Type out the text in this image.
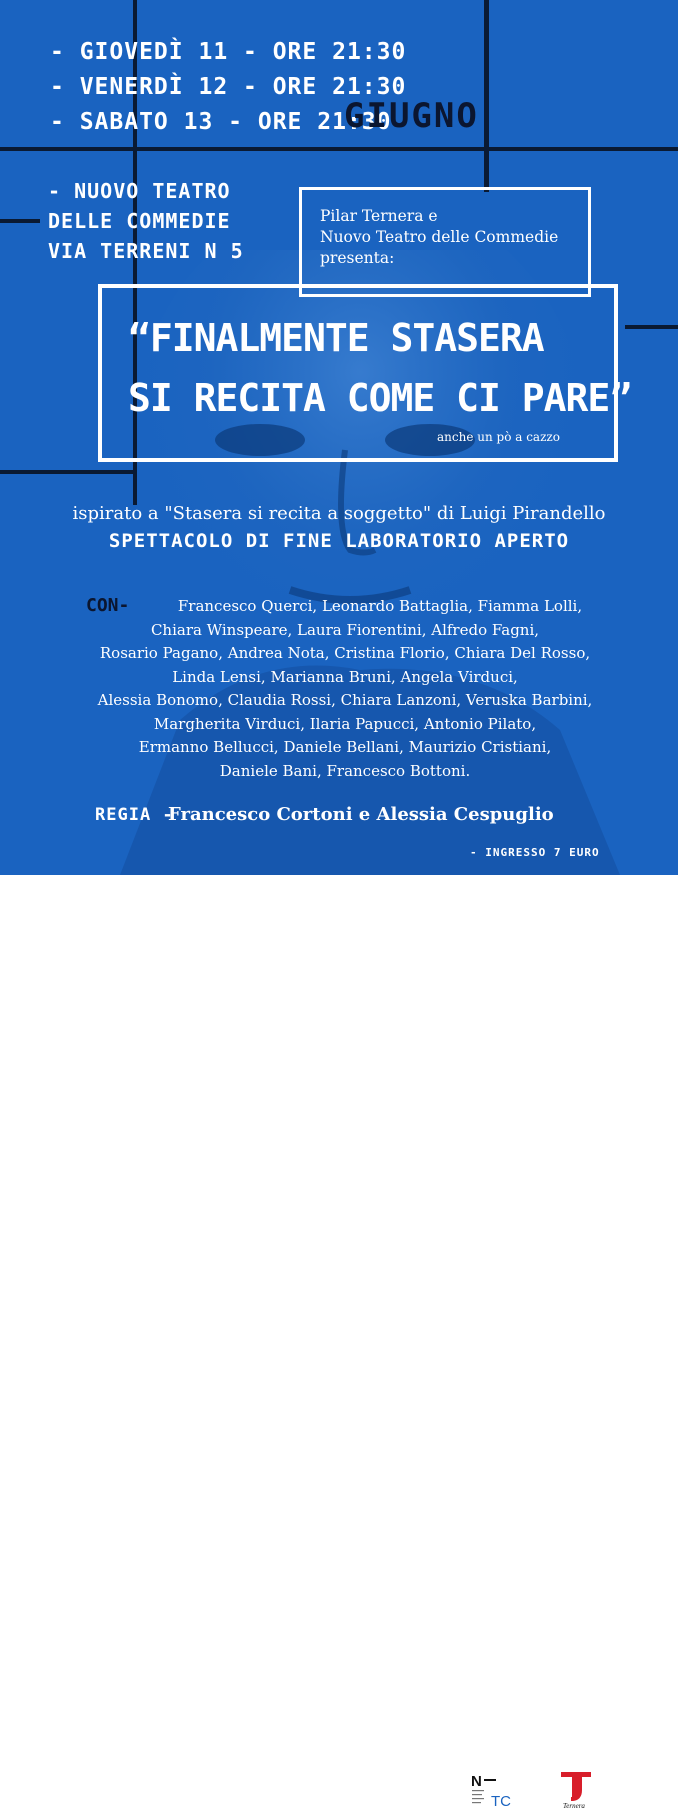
- GIOVEDÌ 11 - ORE 21:30
- VENERDÌ 12 - ORE 21:30
- SABATO 13 - ORE 21:30
GIUGNO
- NUOVO TEATRO
DELLE COMMEDIE
VIA TERRENI N 5
Pilar Ternera e
Nuovo Teatro delle Commedie
presenta:
“FINALMENTE STASERA
SI RECITA COME CI PARE”
anche un pò a cazzo
ispirato a "Stasera si recita a soggetto" di Luigi Pirandello
SPETTACOLO DI FINE LABORATORIO APERTO
CON-	Francesco Querci, Leonardo Battaglia, Fiamma Lolli,
Chiara Winspeare, Laura Fiorentini, Alfredo Fagni,
Rosario Pagano, Andrea Nota, Cristina Florio, Chiara Del Rosso,
Linda Lensi, Marianna Bruni, Angela Virduci,
Alessia Bonomo, Claudia Rossi, Chiara Lanzoni, Veruska Barbini,
Margherita Virduci, Ilaria Papucci, Antonio Pilato,
Ermanno Bellucci, Daniele Bellani, Maurizio Cristiani,
Daniele Bani, Francesco Bottoni.
REGIA -
Francesco Cortoni e Alessia Cespuglio
- INGRESSO 7 EURO
N
TC	Ternera
TJ
